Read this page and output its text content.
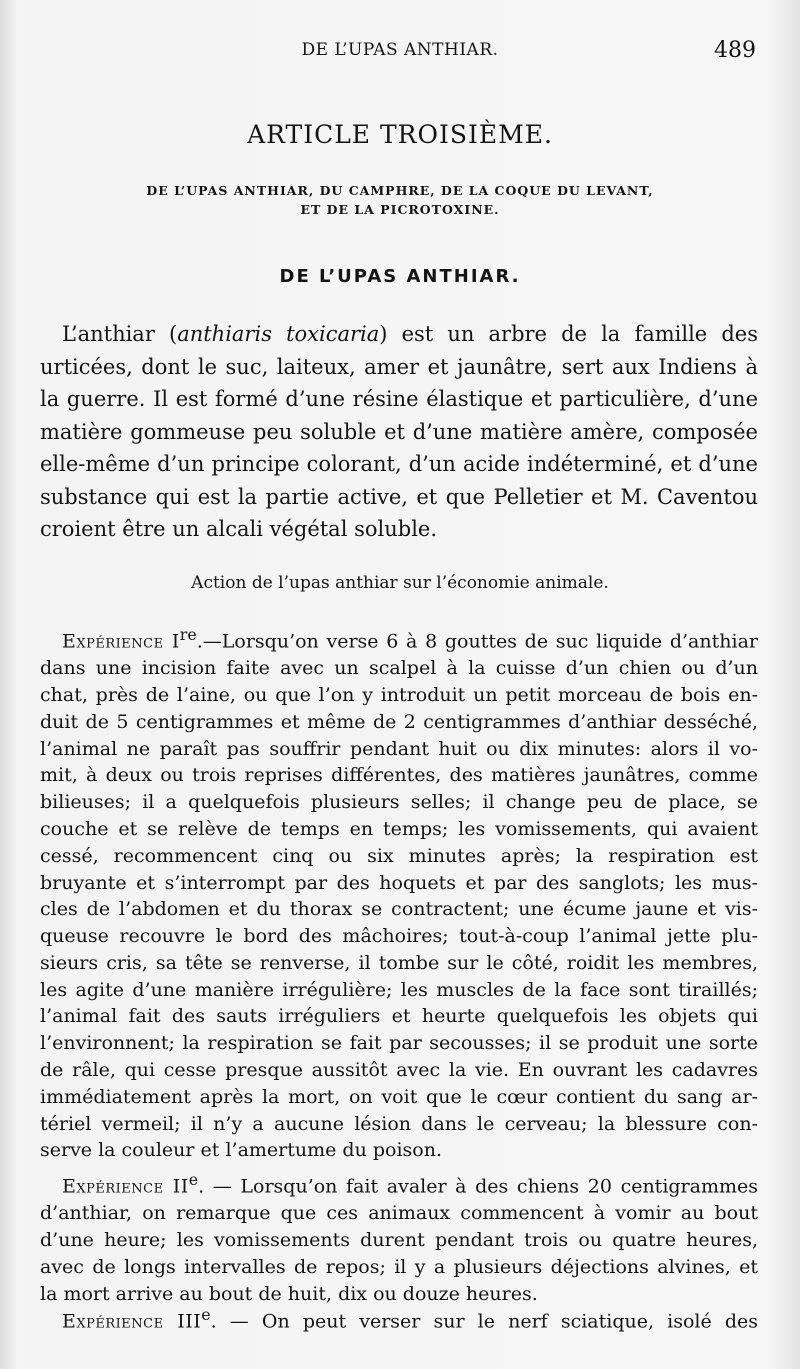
DE L’UPAS ANTHIAR.	489
ARTICLE TROISIÈME.
DE L’UPAS ANTHIAR, DU CAMPHRE, DE LA COQUE DU LEVANT,
ET DE LA PICROTOXINE.
DE L’UPAS ANTHIAR.
L’anthiar (anthiaris toxicaria) est un arbre de la famille des
urticées, dont le suc, laiteux, amer et jaunâtre, sert aux Indiens à
la guerre. Il est formé d’une résine élastique et particulière, d’une
matière gommeuse peu soluble et d’une matière amère, composée
elle-même d’un principe colorant, d’un acide indéterminé, et d’une
substance qui est la partie active, et que Pelletier et M. Caventou
croient être un alcali végétal soluble.
Action de l’upas anthiar sur l’économie animale.
Expérience Ire.—Lorsqu’on verse 6 à 8 gouttes de suc liquide d’anthiar
dans une incision faite avec un scalpel à la cuisse d’un chien ou d’un
chat, près de l’aine, ou que l’on y introduit un petit morceau de bois en-
duit de 5 centigrammes et même de 2 centigrammes d’anthiar desséché,
l’animal ne paraît pas souffrir pendant huit ou dix minutes: alors il vo-
mit, à deux ou trois reprises différentes, des matières jaunâtres, comme
bilieuses; il a quelquefois plusieurs selles; il change peu de place, se
couche et se relève de temps en temps; les vomissements, qui avaient
cessé, recommencent cinq ou six minutes après; la respiration est
bruyante et s’interrompt par des hoquets et par des sanglots; les mus-
cles de l’abdomen et du thorax se contractent; une écume jaune et vis-
queuse recouvre le bord des mâchoires; tout-à-coup l’animal jette plu-
sieurs cris, sa tête se renverse, il tombe sur le côté, roidit les membres,
les agite d’une manière irrégulière; les muscles de la face sont tiraillés;
l’animal fait des sauts irréguliers et heurte quelquefois les objets qui
l’environnent; la respiration se fait par secousses; il se produit une sorte
de râle, qui cesse presque aussitôt avec la vie. En ouvrant les cadavres
immédiatement après la mort, on voit que le cœur contient du sang ar-
tériel vermeil; il n’y a aucune lésion dans le cerveau; la blessure con-
serve la couleur et l’amertume du poison.
Expérience IIe. — Lorsqu’on fait avaler à des chiens 20 centigrammes
d’anthiar, on remarque que ces animaux commencent à vomir au bout
d’une heure; les vomissements durent pendant trois ou quatre heures,
avec de longs intervalles de repos; il y a plusieurs déjections alvines, et
la mort arrive au bout de huit, dix ou douze heures.
Expérience IIIe. — On peut verser sur le nerf sciatique, isolé des
